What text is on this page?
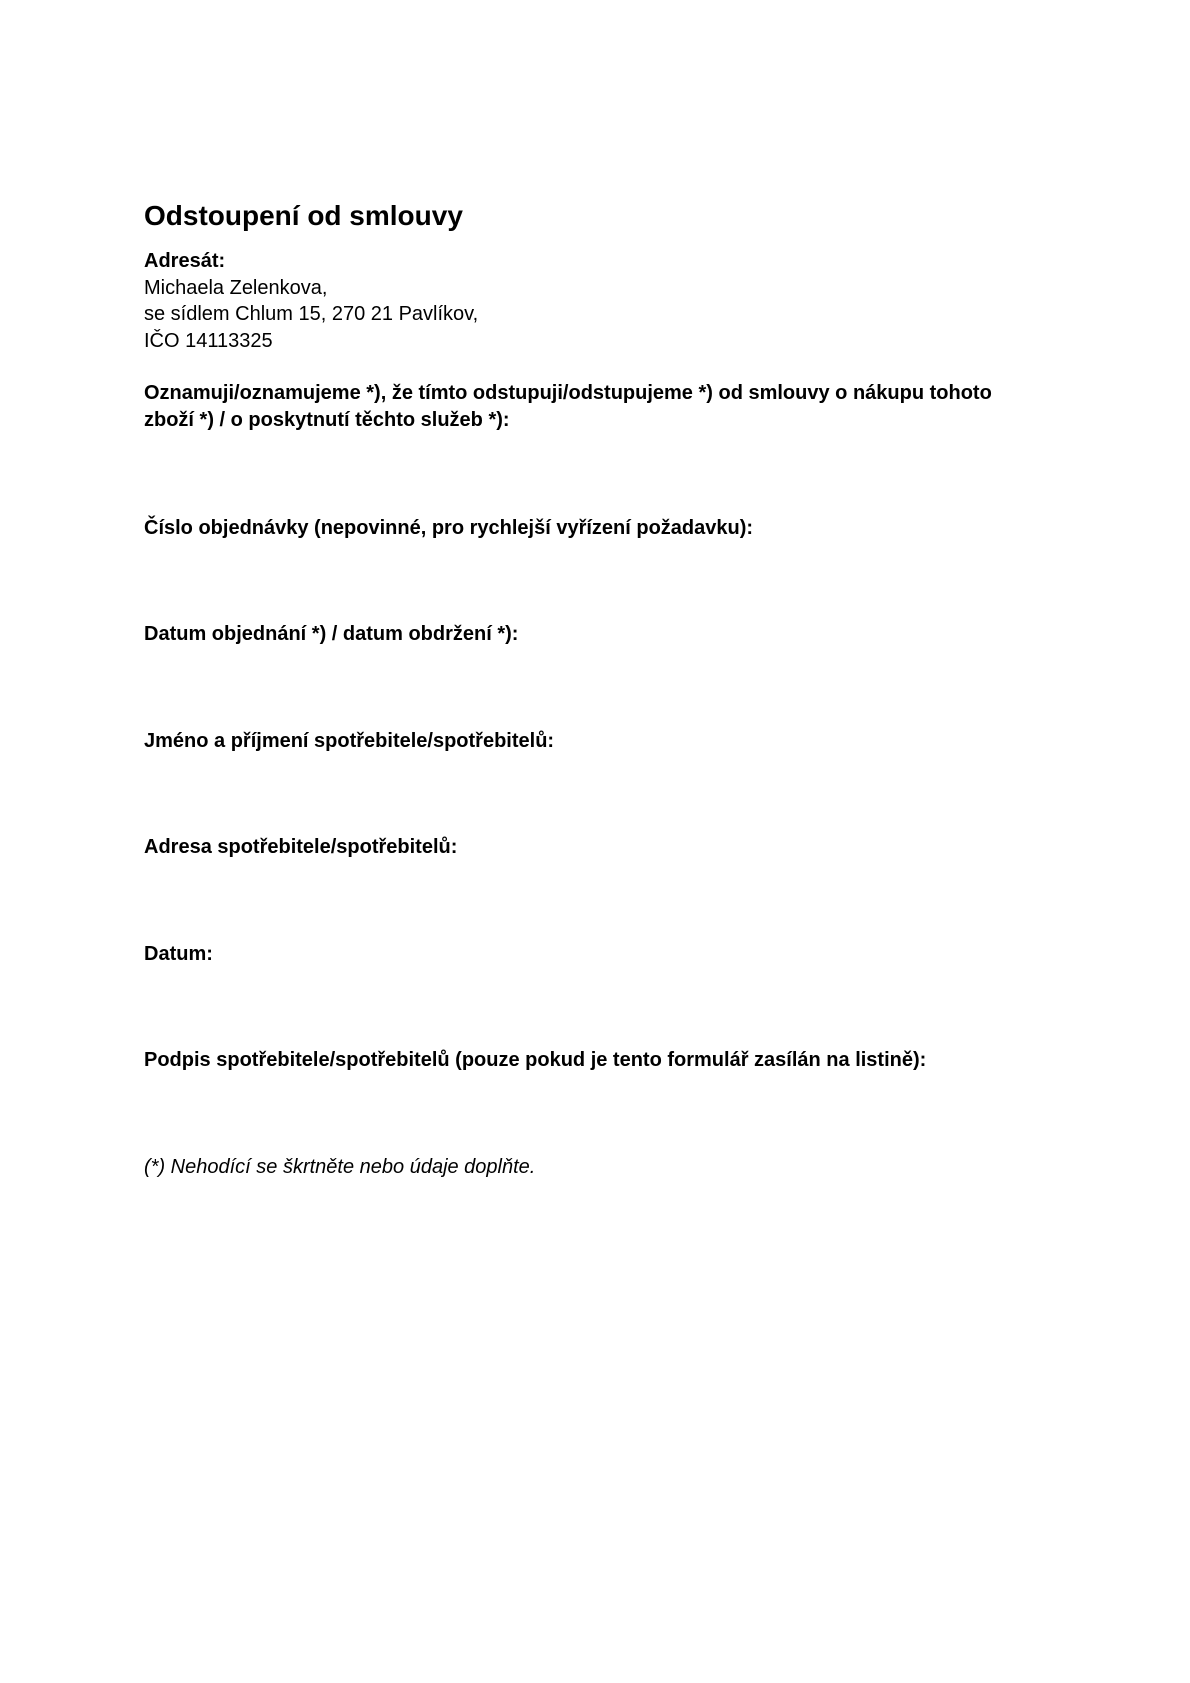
Odstoupení od smlouvy
Adresát:
Michaela Zelenkova,
se sídlem Chlum 15, 270 21 Pavlíkov,
IČO 14113325
Oznamuji/oznamujeme *), že tímto odstupuji/odstupujeme *) od smlouvy o nákupu tohoto
zboží *) / o poskytnutí těchto služeb *):
Číslo objednávky (nepovinné, pro rychlejší vyřízení požadavku):
Datum objednání *) / datum obdržení *):
Jméno a příjmení spotřebitele/spotřebitelů:
Adresa spotřebitele/spotřebitelů:
Datum:
Podpis spotřebitele/spotřebitelů (pouze pokud je tento formulář zasílán na listině):
(*) Nehodící se škrtněte nebo údaje doplňte.
